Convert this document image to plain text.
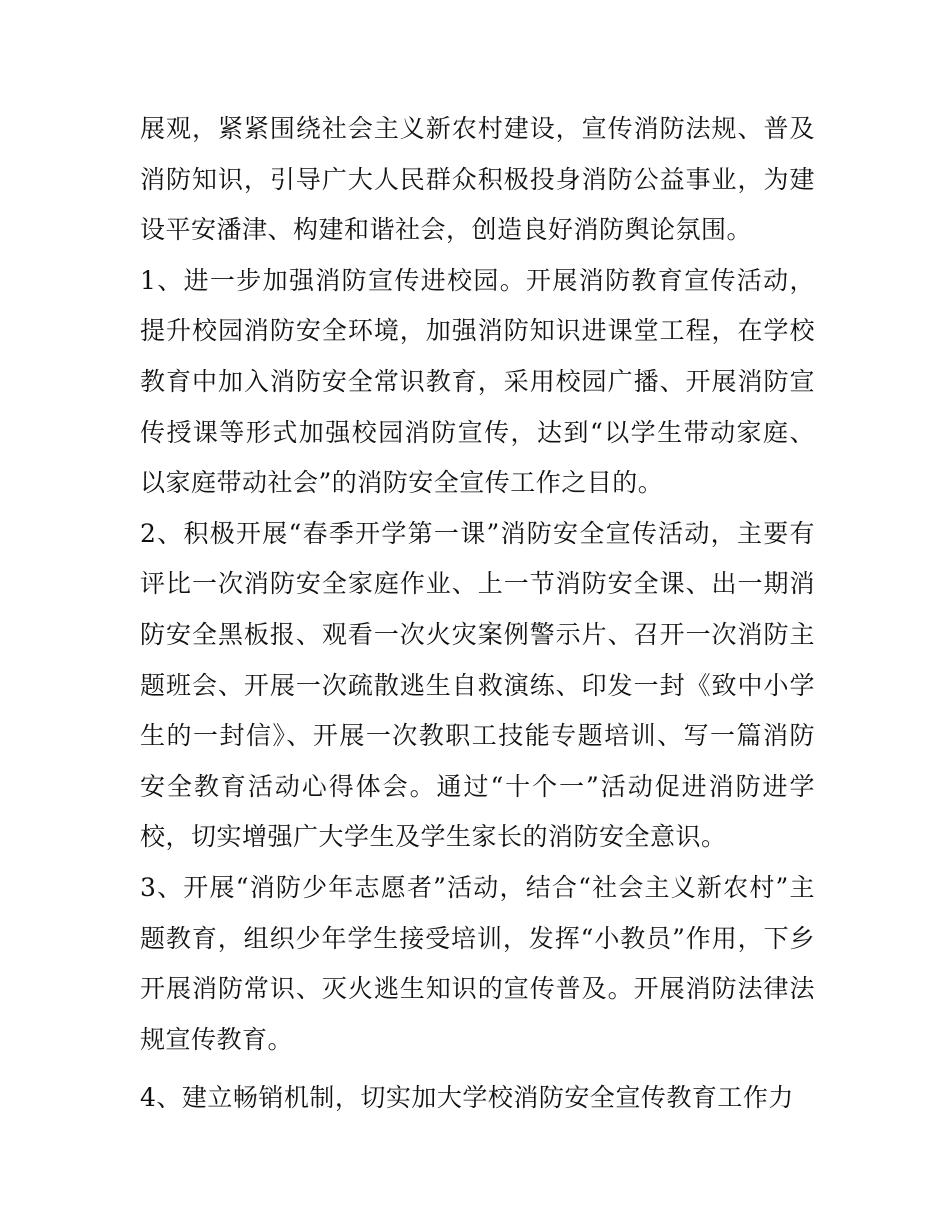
展观，紧紧围绕社会主义新农村建设，宣传消防法规、普及消防知识，引导广大人民群众积极投身消防公益事业，为建设平安潘津、构建和谐社会，创造良好消防舆论氛围。

1、进一步加强消防宣传进校园。开展消防教育宣传活动，提升校园消防安全环境，加强消防知识进课堂工程，在学校教育中加入消防安全常识教育，采用校园广播、开展消防宣传授课等形式加强校园消防宣传，达到“以学生带动家庭、以家庭带动社会”的消防安全宣传工作之目的。

2、积极开展“春季开学第一课”消防安全宣传活动，主要有评比一次消防安全家庭作业、上一节消防安全课、出一期消防安全黑板报、观看一次火灾案例警示片、召开一次消防主题班会、开展一次疏散逃生自救演练、印发一封《致中小学生的一封信》、开展一次教职工技能专题培训、写一篇消防安全教育活动心得体会。通过“十个一”活动促进消防进学校，切实增强广大学生及学生家长的消防安全意识。

3、开展“消防少年志愿者”活动，结合“社会主义新农村”主题教育，组织少年学生接受培训，发挥“小教员”作用，下乡开展消防常识、灭火逃生知识的宣传普及。开展消防法律法规宣传教育。

4、建立畅销机制，切实加大学校消防安全宣传教育工作力
